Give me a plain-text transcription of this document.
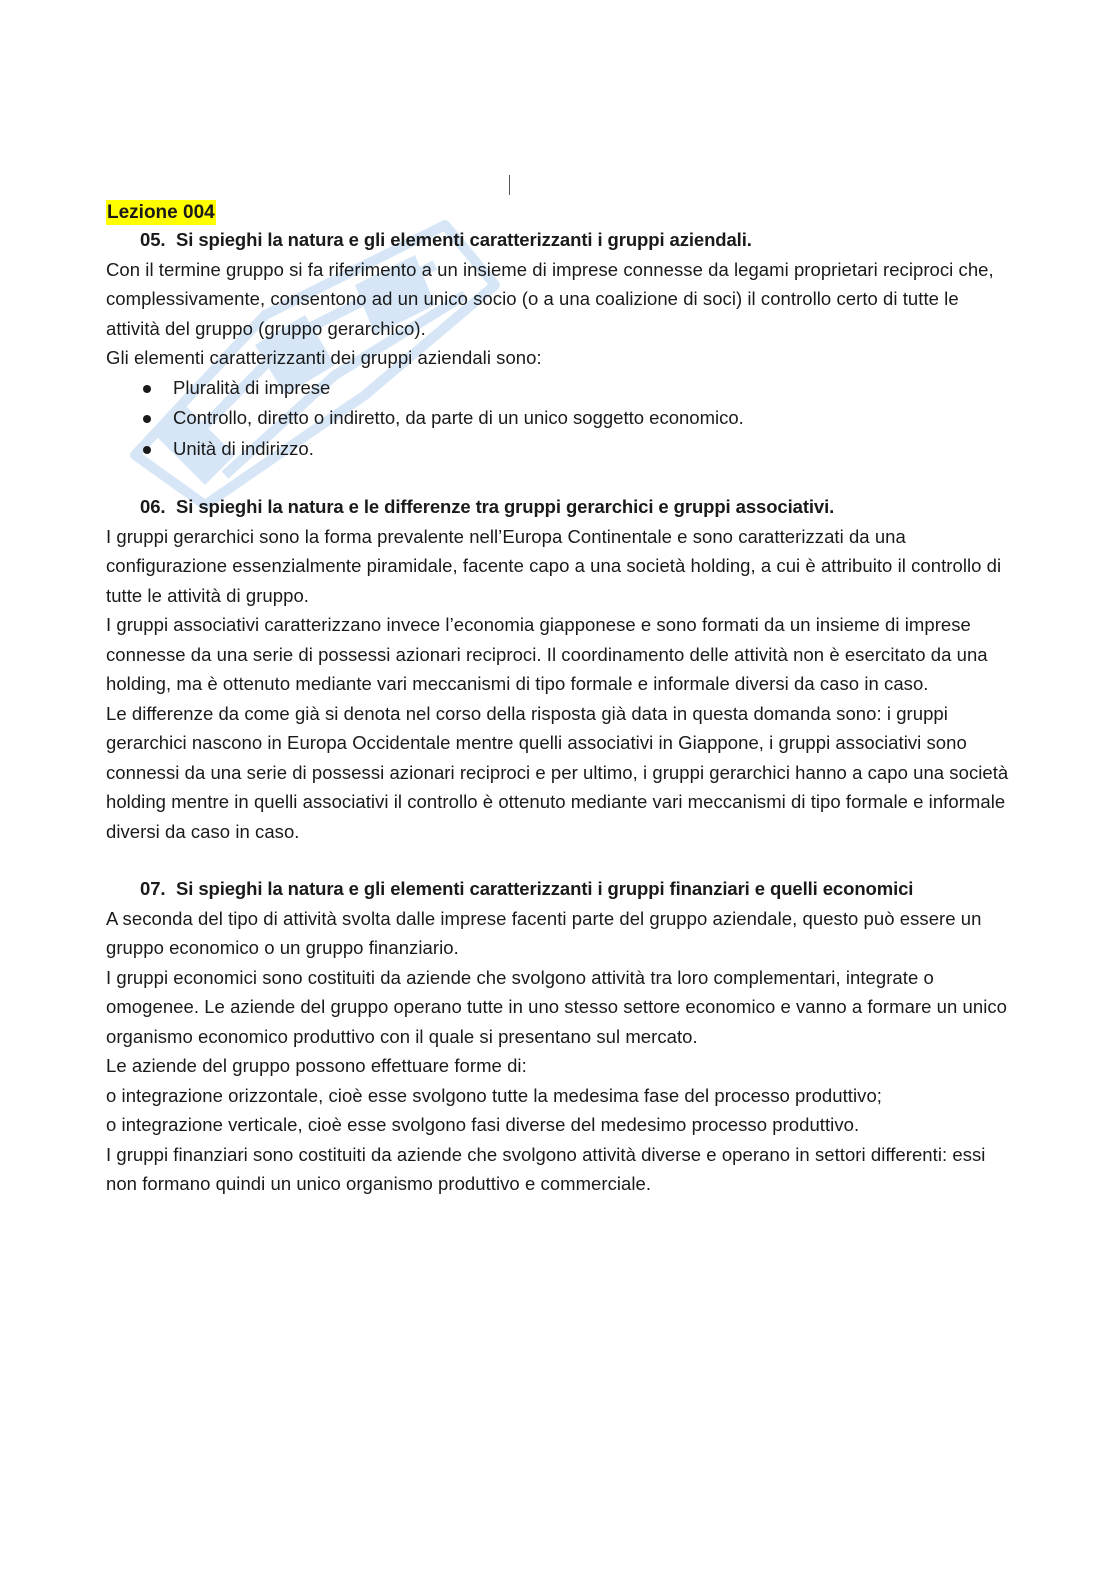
Lezione 004
05. Si spieghi la natura e gli elementi caratterizzanti i gruppi aziendali.

Con il termine gruppo si fa riferimento a un insieme di imprese connesse da legami proprietari reciproci che, complessivamente, consentono ad un unico socio (o a una coalizione di soci) il controllo certo di tutte le attività del gruppo (gruppo gerarchico).

Gli elementi caratterizzanti dei gruppi aziendali sono:

Pluralità di imprese
Controllo, diretto o indiretto, da parte di un unico soggetto economico.
Unità di indirizzo.
06. Si spieghi la natura e le differenze tra gruppi gerarchici e gruppi associativi.

I gruppi gerarchici sono la forma prevalente nell’Europa Continentale e sono caratterizzati da una configurazione essenzialmente piramidale, facente capo a una società holding, a cui è attribuito il controllo di tutte le attività di gruppo.

I gruppi associativi caratterizzano invece l’economia giapponese e sono formati da un insieme di imprese connesse da una serie di possessi azionari reciproci. Il coordinamento delle attività non è esercitato da una holding, ma è ottenuto mediante vari meccanismi di tipo formale e informale diversi da caso in caso.

Le differenze da come già si denota nel corso della risposta già data in questa domanda sono: i gruppi gerarchici nascono in Europa Occidentale mentre quelli associativi in Giappone, i gruppi associativi sono connessi da una serie di possessi azionari reciproci e per ultimo, i gruppi gerarchici hanno a capo una società holding mentre in quelli associativi il controllo è ottenuto mediante vari meccanismi di tipo formale e informale diversi da caso in caso.

07. Si spieghi la natura e gli elementi caratterizzanti i gruppi finanziari e quelli economici

A seconda del tipo di attività svolta dalle imprese facenti parte del gruppo aziendale, questo può essere un gruppo economico o un gruppo finanziario.

I gruppi economici sono costituiti da aziende che svolgono attività tra loro complementari, integrate o omogenee. Le aziende del gruppo operano tutte in uno stesso settore economico e vanno a formare un unico organismo economico produttivo con il quale si presentano sul mercato.

Le aziende del gruppo possono effettuare forme di:

o integrazione orizzontale, cioè esse svolgono tutte la medesima fase del processo produttivo;

o integrazione verticale, cioè esse svolgono fasi diverse del medesimo processo produttivo.

I gruppi finanziari sono costituiti da aziende che svolgono attività diverse e operano in settori differenti: essi non formano quindi un unico organismo produttivo e commerciale.
